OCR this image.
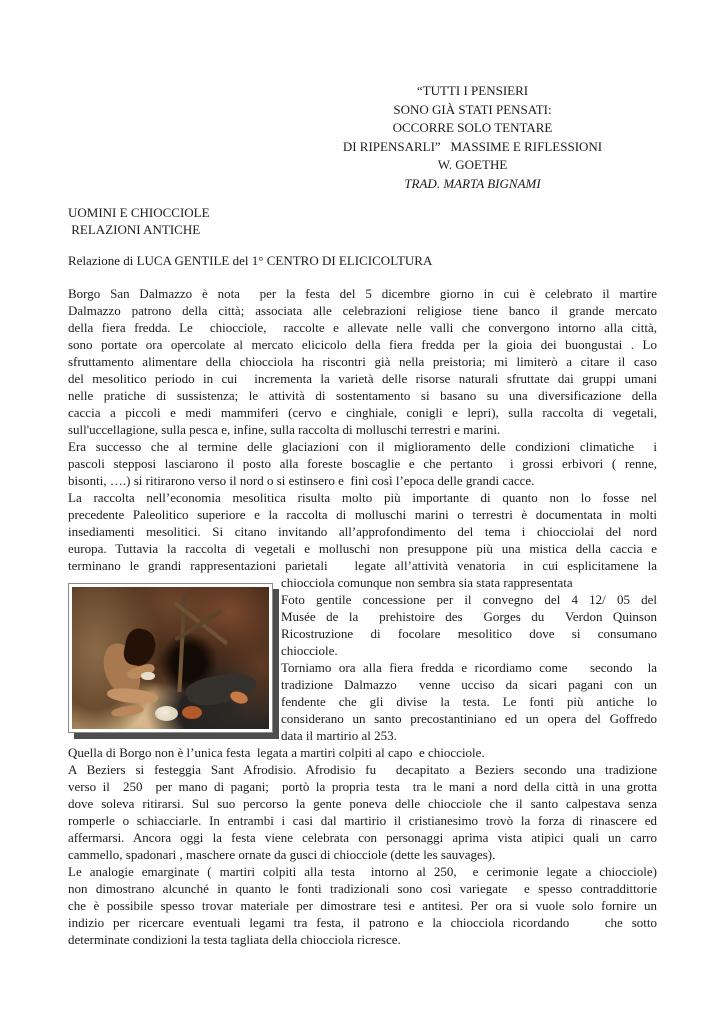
“TUTTI I PENSIERI
SONO GIÀ STATI PENSATI:
OCCORRE SOLO TENTARE
DI RIPENSARLI”   MASSIME E RIFLESSIONI
W. GOETHE
TRAD. MARTA BIGNAMI
UOMINI E CHIOCCIOLE
RELAZIONI ANTICHE
Relazione di LUCA GENTILE del 1° CENTRO DI ELICICOLTURA
Borgo San Dalmazzo è nota  per la festa del 5 dicembre giorno in cui è celebrato il martire
Dalmazzo patrono della città; associata alle celebrazioni religiose tiene banco il grande mercato
della fiera fredda. Le  chiocciole,  raccolte e allevate nelle valli che convergono intorno alla città,
sono portate ora opercolate al mercato elicicolo della fiera fredda per la gioia dei buongustai . Lo
sfruttamento alimentare della chiocciola ha riscontri già nella preistoria; mi limiterò a citare il caso
del mesolitico periodo in cui  incrementa la varietà delle risorse naturali sfruttate dai gruppi umani
nelle pratiche di sussistenza; le attività di sostentamento si basano su una diversificazione della
caccia a piccoli e medi mammiferi (cervo e cinghiale, conigli e lepri), sulla raccolta di vegetali,
sull'uccellagione, sulla pesca e, infine, sulla raccolta di molluschi terrestri e marini.
Era successo che al termine delle glaciazioni con il miglioramento delle condizioni climatiche  i
pascoli stepposi lasciarono il posto alla foreste boscaglie e che pertanto  i grossi erbivori ( renne,
bisonti, ….) si ritirarono verso il nord o si estinsero e  finì così l’epoca delle grandi cacce.
La raccolta nell’economia mesolitica risulta molto più importante di quanto non lo fosse nel
precedente Paleolitico superiore e la raccolta di molluschi marini o terrestri è documentata in molti
insediamenti mesolitici. Si citano invitando all’approfondimento del tema i chiocciolai del nord
europa. Tuttavia la raccolta di vegetali e molluschi non presuppone più una mistica della caccia e
terminano le grandi rappresentazioni parietali   legate all’attività venatoria  in cui esplicitamene la
chiocciola comunque non sembra sia stata rappresentata
Foto gentile concessione per il convegno del 4 12/ 05 del
Musée de la  prehistoire des  Gorges du  Verdon Quinson
Ricostruzione di focolare mesolitico dove si consumano
chiocciole.
Torniamo ora alla fiera fredda e ricordiamo come   secondo  la
tradizione Dalmazzo  venne ucciso da sicari pagani con un
fendente che gli divise la testa. Le fonti più antiche lo
considerano un santo precostantiniano ed un opera del Goffredo
data il martirio al 253.
Quella di Borgo non è l’unica festa  legata a martiri colpiti al capo  e chiocciole.
A Beziers si festeggia Sant Afrodisio. Afrodisio fu  decapitato a Beziers secondo una tradizione
verso il  250  per mano di pagani;  portò la propria testa  tra le mani a nord della città in una grotta
dove soleva ritirarsi. Sul suo percorso la gente poneva delle chiocciole che il santo calpestava senza
romperle o schiacciarle. In entrambi i casi dal martirio il cristianesimo trovò la forza di rinascere ed
affermarsi. Ancora oggi la festa viene celebrata con personaggi aprima vista atipici quali un carro
cammello, spadonari , maschere ornate da gusci di chiocciole (dette les sauvages).
Le analogie emarginate ( martiri colpiti alla testa  intorno al 250,  e cerimonie legate a chiocciole)
non dimostrano alcunché in quanto le fonti tradizionali sono così variegate  e spesso contraddittorie
che è possibile spesso trovar materiale per dimostrare tesi e antitesi. Per ora si vuole solo fornire un
indizio per ricercare eventuali legami tra festa, il patrono e la chiocciola ricordando    che sotto
determinate condizioni la testa tagliata della chiocciola ricresce.
